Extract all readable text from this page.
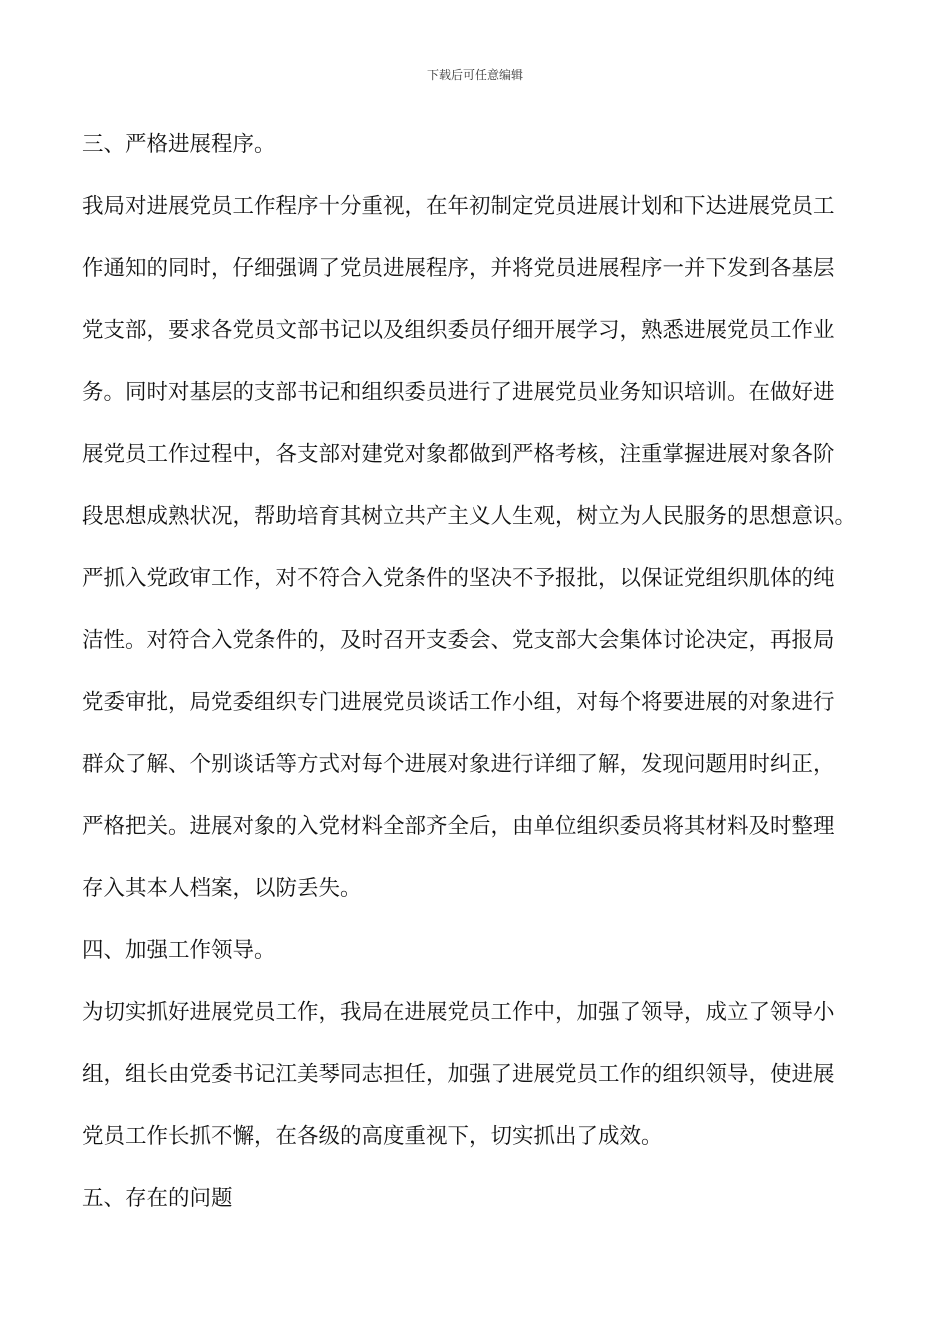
下载后可任意编辑
三、严格进展程序。
我局对进展党员工作程序十分重视，在年初制定党员进展计划和下达进展党员工
作通知的同时，仔细强调了党员进展程序，并将党员进展程序一并下发到各基层
党支部，要求各党员文部书记以及组织委员仔细开展学习，熟悉进展党员工作业
务。同时对基层的支部书记和组织委员进行了进展党员业务知识培训。在做好进
展党员工作过程中，各支部对建党对象都做到严格考核，注重掌握进展对象各阶
段思想成熟状况，帮助培育其树立共产主义人生观，树立为人民服务的思想意识。
严抓入党政审工作，对不符合入党条件的坚决不予报批，以保证党组织肌体的纯
洁性。对符合入党条件的，及时召开支委会、党支部大会集体讨论决定，再报局
党委审批，局党委组织专门进展党员谈话工作小组，对每个将要进展的对象进行
群众了解、个别谈话等方式对每个进展对象进行详细了解，发现问题用时纠正，
严格把关。进展对象的入党材料全部齐全后，由单位组织委员将其材料及时整理
存入其本人档案，以防丢失。
四、加强工作领导。
为切实抓好进展党员工作，我局在进展党员工作中，加强了领导，成立了领导小
组，组长由党委书记江美琴同志担任，加强了进展党员工作的组织领导，使进展
党员工作长抓不懈，在各级的高度重视下，切实抓出了成效。
五、存在的问题
